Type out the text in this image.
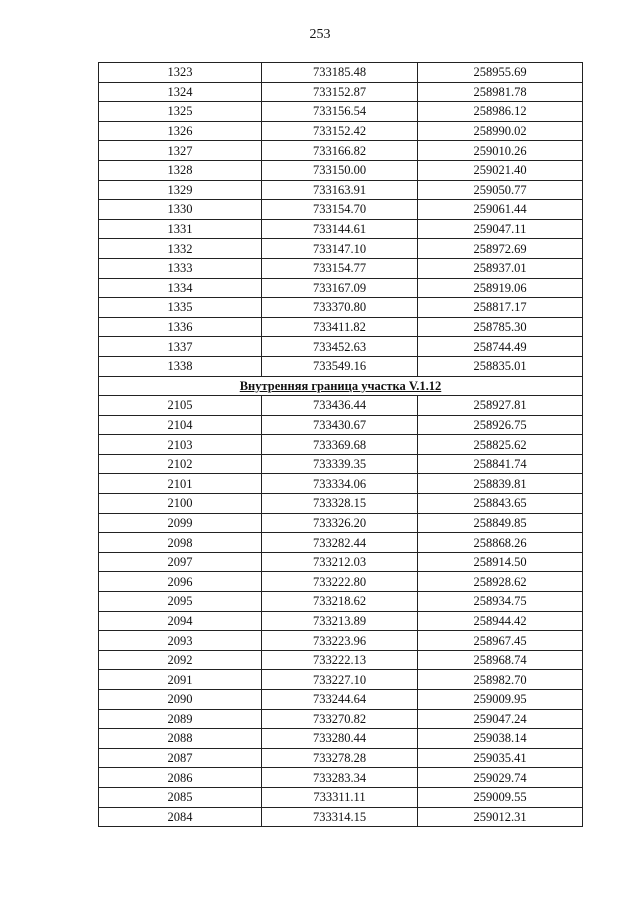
253
1323	733185.48	258955.69
1324	733152.87	258981.78
1325	733156.54	258986.12
1326	733152.42	258990.02
1327	733166.82	259010.26
1328	733150.00	259021.40
1329	733163.91	259050.77
1330	733154.70	259061.44
1331	733144.61	259047.11
1332	733147.10	258972.69
1333	733154.77	258937.01
1334	733167.09	258919.06
1335	733370.80	258817.17
1336	733411.82	258785.30
1337	733452.63	258744.49
1338	733549.16	258835.01
Внутренняя граница участка V.1.12		
2105	733436.44	258927.81
2104	733430.67	258926.75
2103	733369.68	258825.62
2102	733339.35	258841.74
2101	733334.06	258839.81
2100	733328.15	258843.65
2099	733326.20	258849.85
2098	733282.44	258868.26
2097	733212.03	258914.50
2096	733222.80	258928.62
2095	733218.62	258934.75
2094	733213.89	258944.42
2093	733223.96	258967.45
2092	733222.13	258968.74
2091	733227.10	258982.70
2090	733244.64	259009.95
2089	733270.82	259047.24
2088	733280.44	259038.14
2087	733278.28	259035.41
2086	733283.34	259029.74
2085	733311.11	259009.55
2084	733314.15	259012.31
